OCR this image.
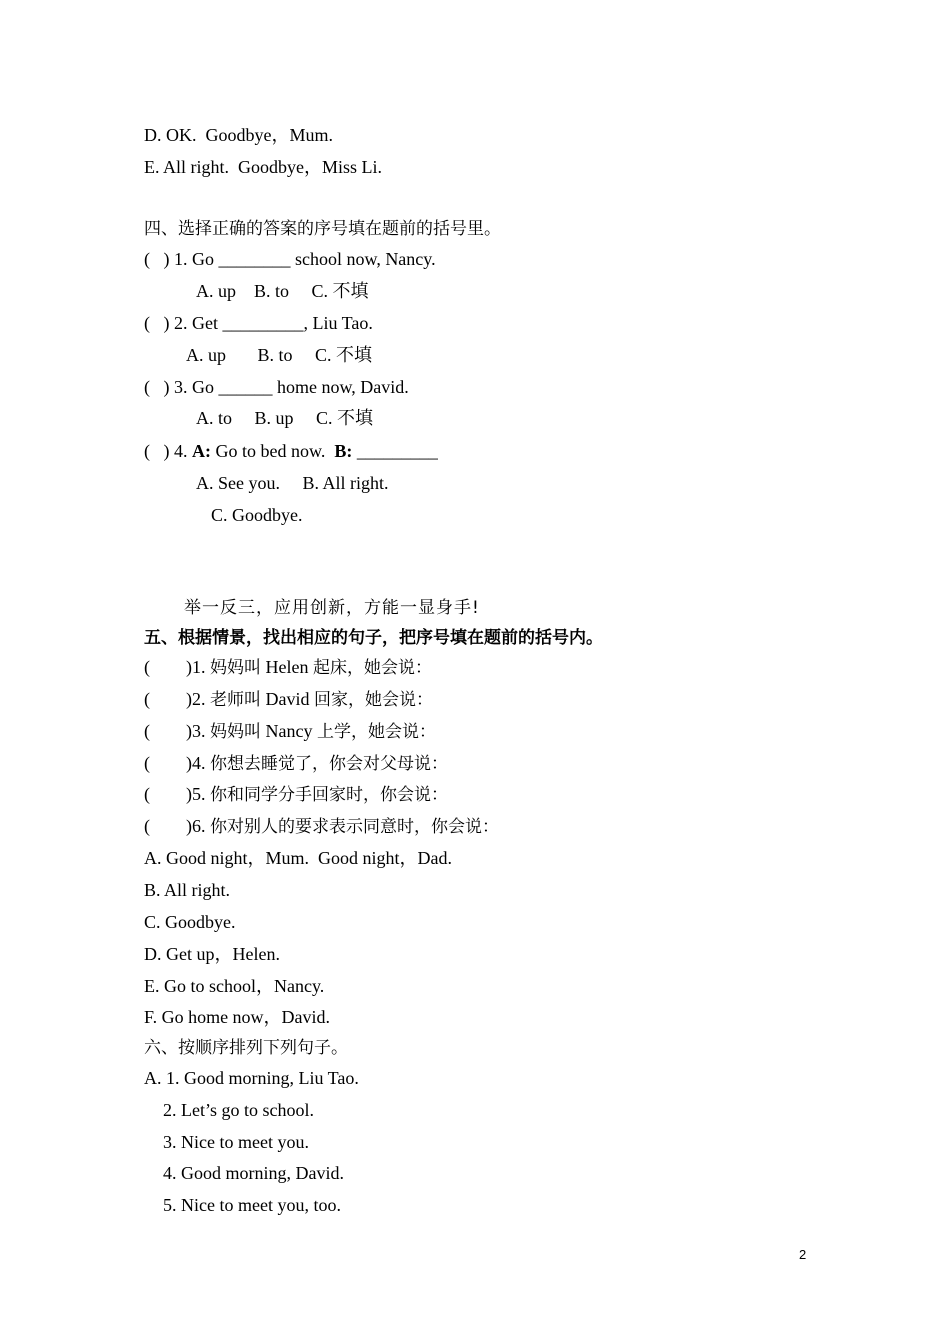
D. OK.  Goodbye，Mum.
E. All right.  Goodbye，Miss Li.
四、选择正确的答案的序号填在题前的括号里。
(   ) 1. Go ________ school now, Nancy.
A. up    B. to     C. 不填
(   ) 2. Get _________, Liu Tao.
A. up       B. to     C. 不填
(   ) 3. Go ______ home now, David.
A. to     B. up     C. 不填
(   ) 4. A: Go to bed now.  B: _________
A. See you.     B. All right.
C. Goodbye.
举一反三，应用创新，方能一显身手!
五、根据情景，找出相应的句子，把序号填在题前的括号内。
(        )1. 妈妈叫 Helen 起床，她会说：
(        )2. 老师叫 David 回家，她会说：
(        )3. 妈妈叫 Nancy 上学，她会说：
(        )4. 你想去睡觉了，你会对父母说：
(        )5. 你和同学分手回家时，你会说：
(        )6. 你对别人的要求表示同意时，你会说：
A. Good night，Mum.  Good night，Dad.
B. All right.
C. Goodbye.
D. Get up，Helen.
E. Go to school，Nancy.
F. Go home now，David.
六、按顺序排列下列句子。
A. 1. Good morning, Liu Tao.
2. Let’s go to school.
3. Nice to meet you.
4. Good morning, David.
5. Nice to meet you, too.
2
